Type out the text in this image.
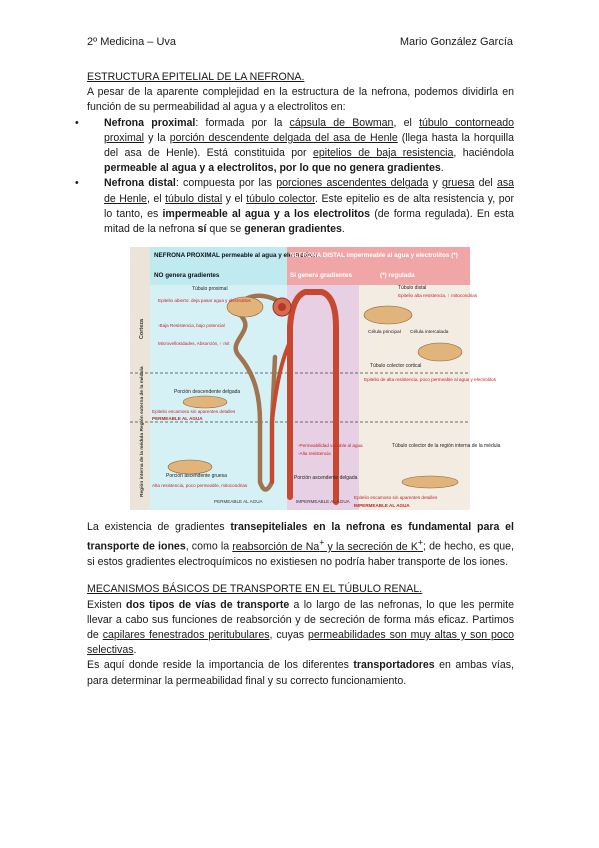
2º Medicina – Uva	Mario González García

ESTRUCTURA EPITELIAL DE LA NEFRONA.

A pesar de la aparente complejidad en la estructura de la nefrona, podemos dividirla en función de su permeabilidad al agua y a electrolitos en:

• Nefrona proximal: formada por la cápsula de Bowman, el túbulo contorneado proximal y la porción descendente delgada del asa de Henle (llega hasta la horquilla del asa de Henle). Está constituida por epitelios de baja resistencia, haciéndola permeable al agua y a electrolitos, por lo que no genera gradientes.
• Nefrona distal: compuesta por las porciones ascendentes delgada y gruesa del asa de Henle, el túbulo distal y el túbulo colector. Este epitelio es de alta resistencia y, por lo tanto, es impermeable al agua y a los electrolitos (de forma regulada). En esta mitad de la nefrona sí que se generan gradientes.
NEFRONA PROXIMAL permeable al agua y electrolitos
NO genera gradientes
NEFRONA DISTAL impermeable al agua y electrolitos (*)
Sí genera gradientes	(*) regulada
Corteza
Región externa de la médula
Región interna de la médula
Túbulo proximal
Epitelio abierto: deja pasar agua y electrolitos
-Baja Resistencia, bajo potencial
Microvellosidades, Absorción, ↑ mit
Porción descendente delgada
Epitelio escamoso sin aparentes detalles
PERMEABLE AL AGUA
Porción ascendente gruesa
Alta resistencia, poco permeable, mitocondrias
PERMEABLE AL AGUA
-Permeabilidad variable al agua
-Alta resistencia
Porción ascendente delgada
IMPERMEABLE AL AGUA
Túbulo distal
Epitelio alta resistencia, ↑ mitocondrias
Célula principal Célula intercalada
Túbulo colector cortical
Epitelio de alta resistencia, poco permeable al agua y electrolitos
Túbulo colector de la región interna de la médula
Epitelio escamoso sin aparentes detalles
IMPERMEABLE AL AGUA

La existencia de gradientes transepiteliales en la nefrona es fundamental para el transporte de iones, como la reabsorción de Na+ y la secreción de K+; de hecho, es que, si estos gradientes electroquímicos no existiesen no podría haber transporte de los iones.

MECANISMOS BÁSICOS DE TRANSPORTE EN EL TÚBULO RENAL.

Existen dos tipos de vías de transporte a lo largo de las nefronas, lo que les permite llevar a cabo sus funciones de reabsorción y de secreción de forma más eficaz. Partimos de capilares fenestrados peritubulares, cuyas permeabilidades son muy altas y son poco selectivas.

Es aquí donde reside la importancia de los diferentes transportadores en ambas vías, para determinar la permeabilidad final y su correcto funcionamiento.
